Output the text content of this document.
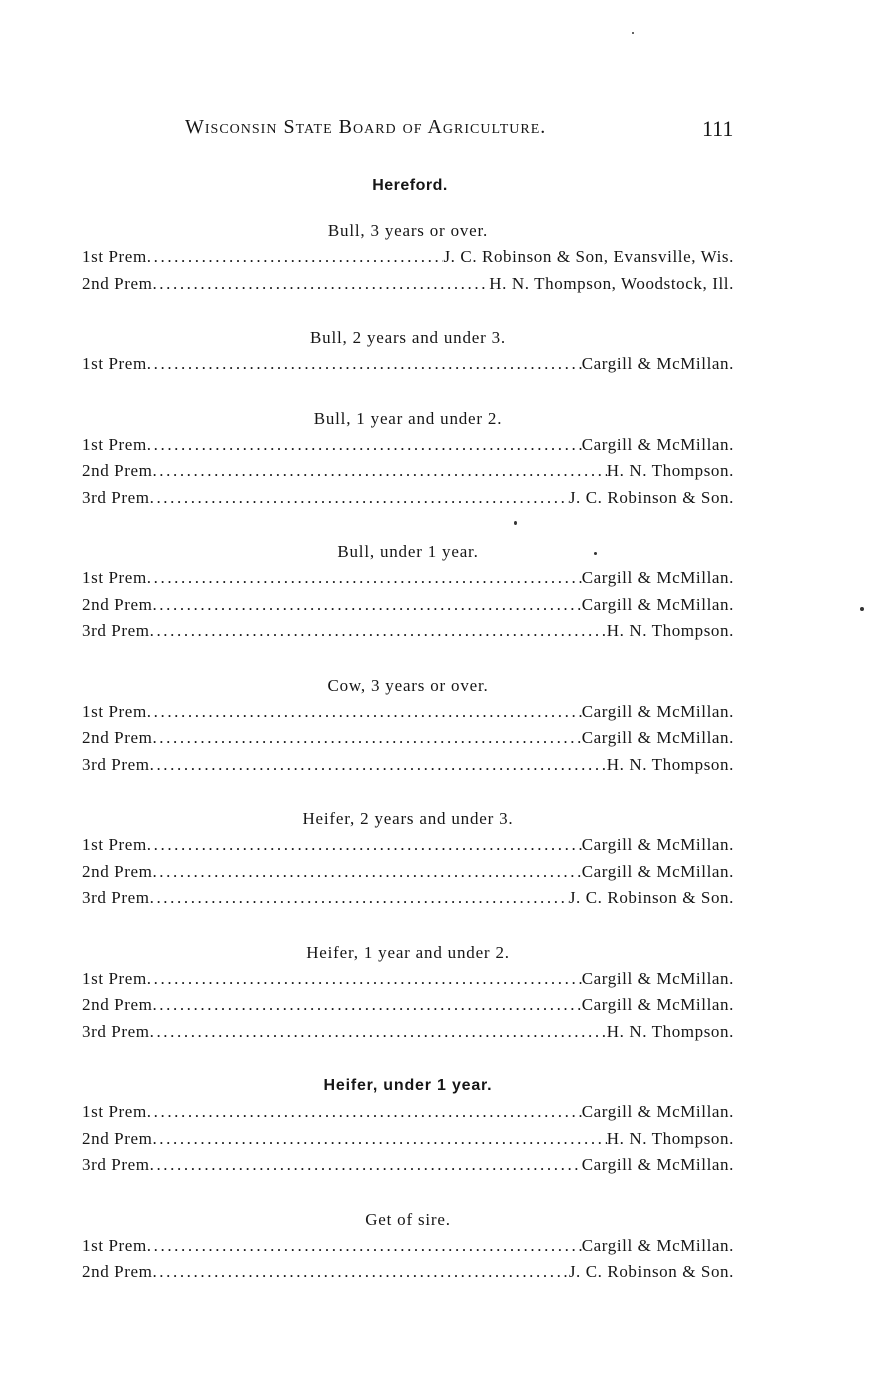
Wisconsin State Board of Agriculture.	111
Hereford.
Bull, 3 years or over.
1st Prem .....	J. C. Robinson & Son, Evansville, Wis.
2nd Prem .....	H. N. Thompson, Woodstock, Ill.
Bull, 2 years and under 3.
1st Prem .....	Cargill & McMillan.
Bull, 1 year and under 2.
1st Prem .....	Cargill & McMillan.
2nd Prem .....	H. N. Thompson.
3rd Prem .....	J. C. Robinson & Son.
Bull, under 1 year.
1st Prem .....	Cargill & McMillan.
2nd Prem .....	Cargill & McMillan.
3rd Prem .....	H. N. Thompson.
Cow, 3 years or over.
1st Prem .....	Cargill & McMillan.
2nd Prem .....	Cargill & McMillan.
3rd Prem .....	H. N. Thompson.
Heifer, 2 years and under 3.
1st Prem .....	Cargill & McMillan.
2nd Prem .....	Cargill & McMillan.
3rd Prem .....	J. C. Robinson & Son.
Heifer, 1 year and under 2.
1st Prem .....	Cargill & McMillan.
2nd Prem .....	Cargill & McMillan.
3rd Prem .....	H. N. Thompson.
Heifer, under 1 year.
1st Prem .....	Cargill & McMillan.
2nd Prem .....	H. N. Thompson.
3rd Prem .....	Cargill & McMillan.
Get of sire.
1st Prem .....	Cargill & McMillan.
2nd Prem .....	J. C. Robinson & Son.
